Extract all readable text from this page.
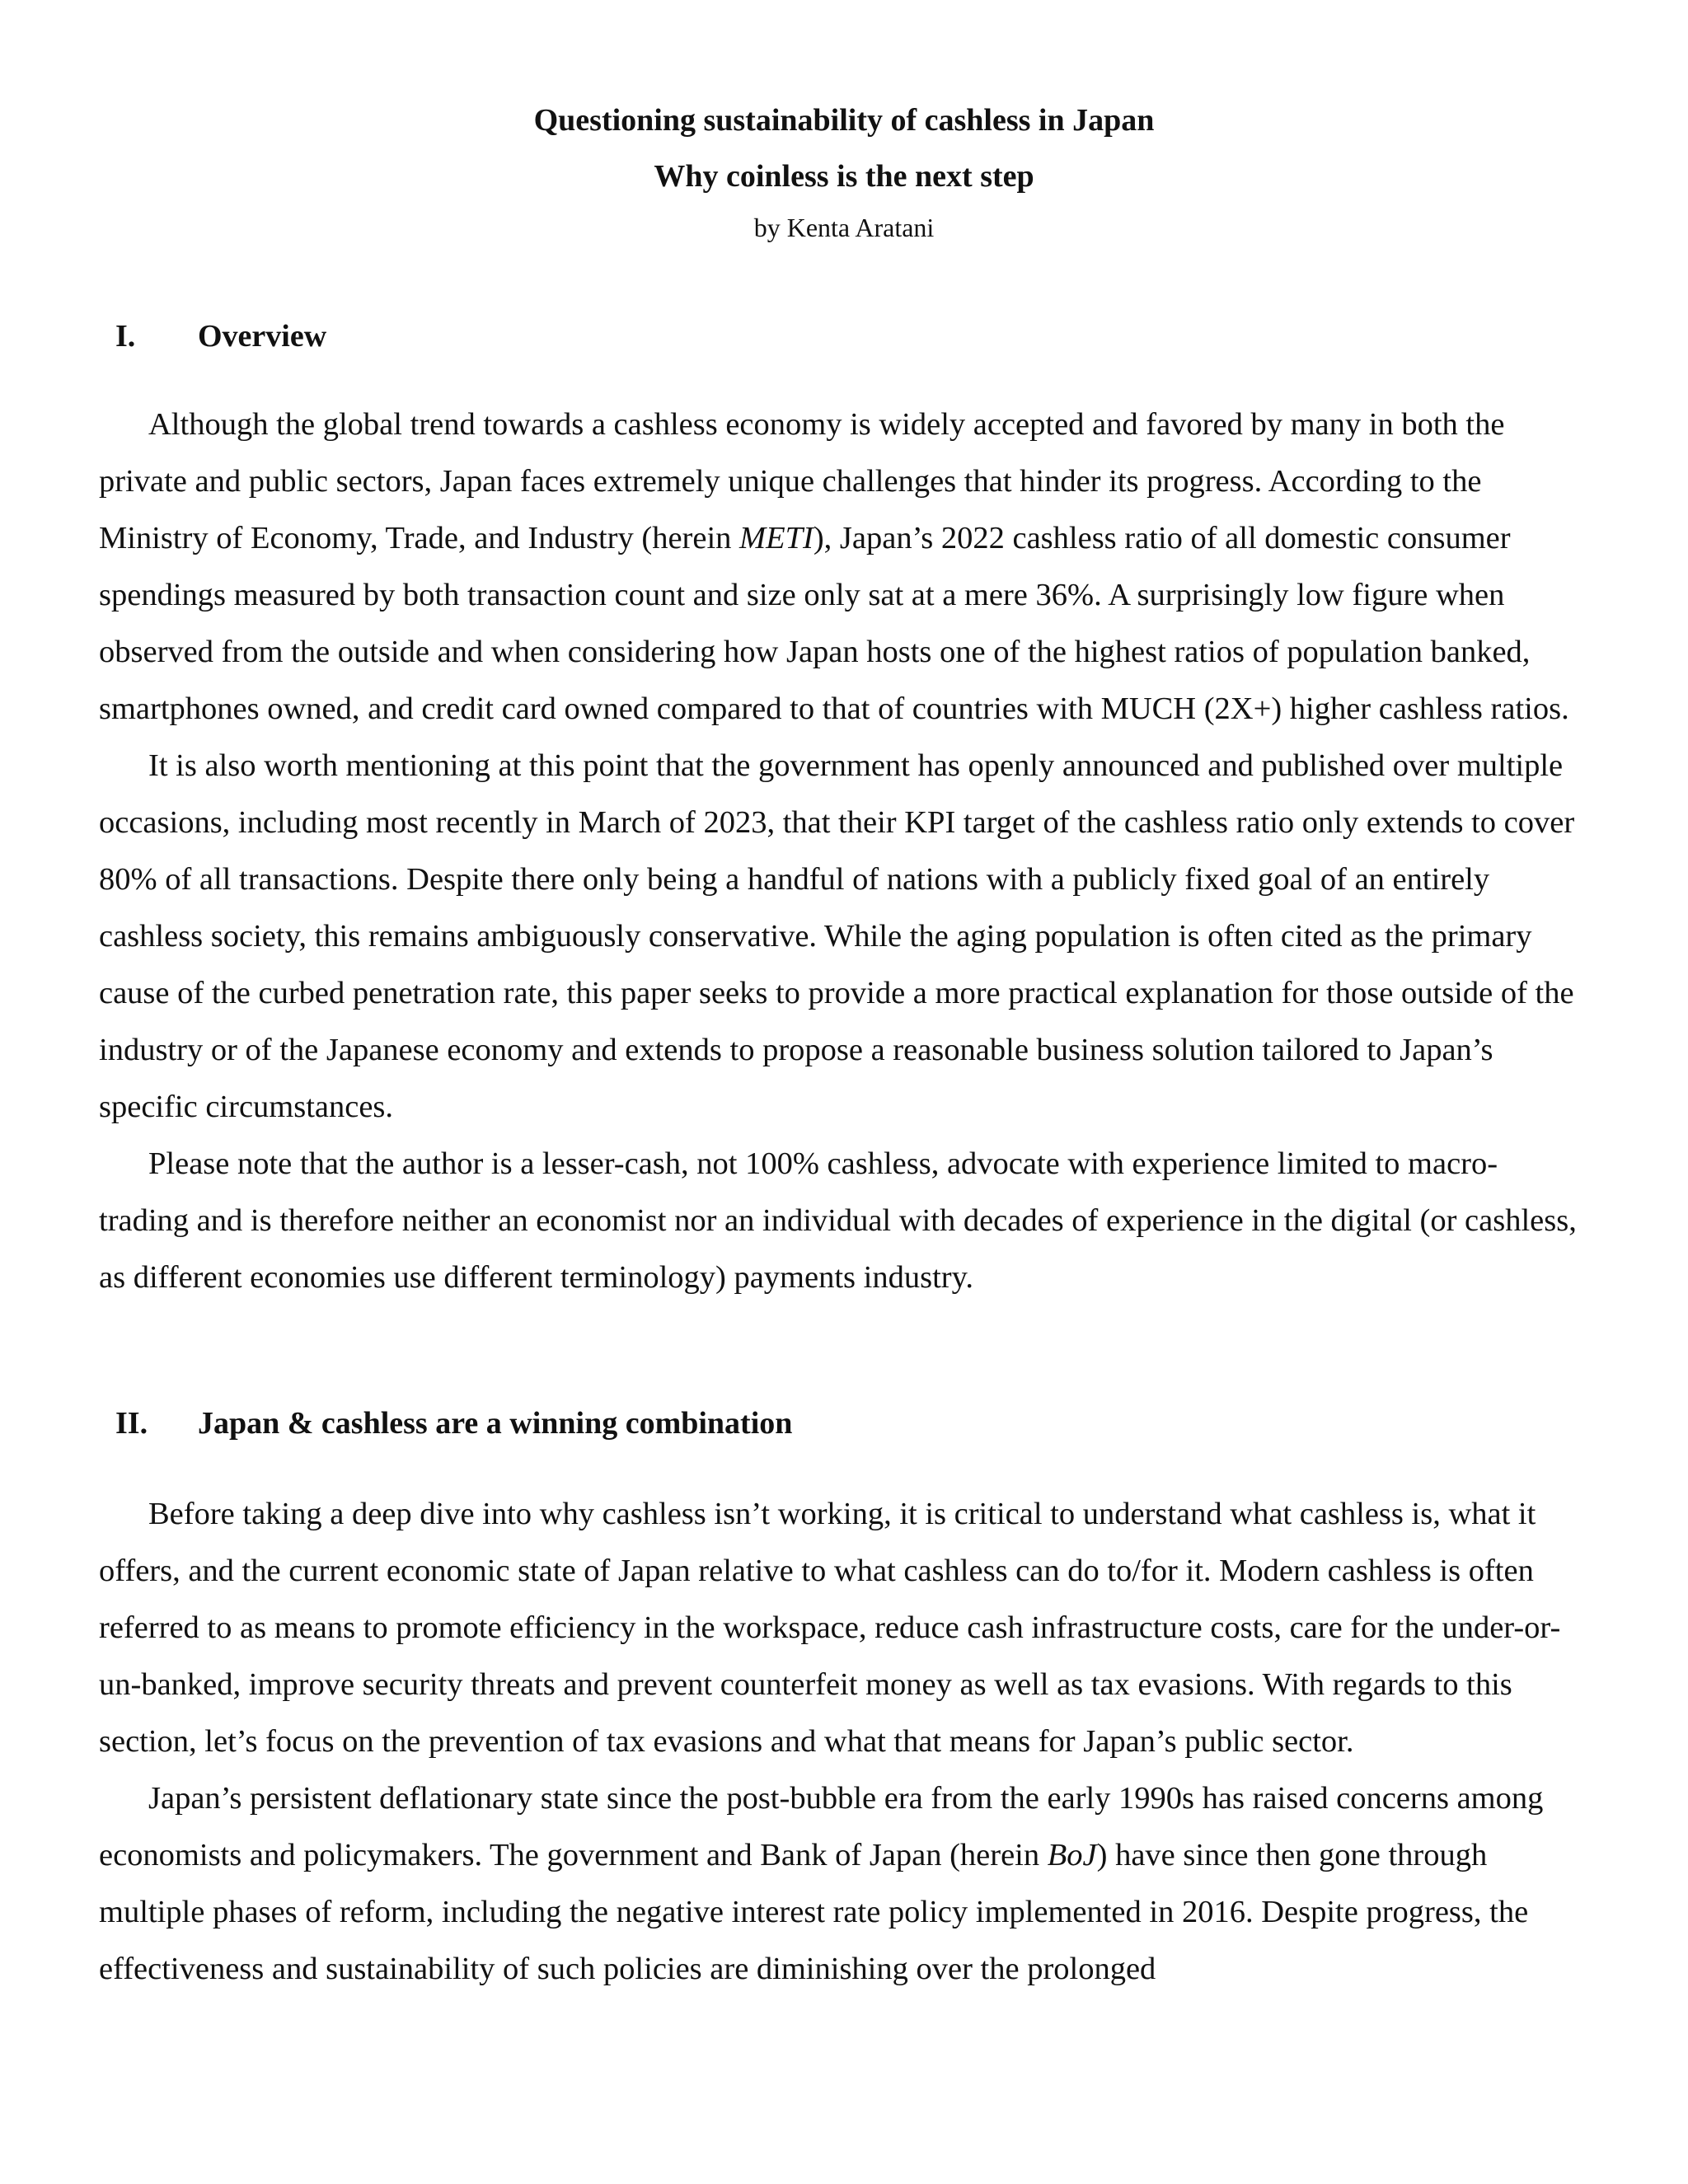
Questioning sustainability of cashless in Japan

Why coinless is the next step

by Kenta Aratani

I. Overview

Although the global trend towards a cashless economy is widely accepted and favored by many in both the private and public sectors, Japan faces extremely unique challenges that hinder its progress. According to the Ministry of Economy, Trade, and Industry (herein METI), Japan’s 2022 cashless ratio of all domestic consumer spendings measured by both transaction count and size only sat at a mere 36%. A surprisingly low figure when observed from the outside and when considering how Japan hosts one of the highest ratios of population banked, smartphones owned, and credit card owned compared to that of countries with MUCH (2X+) higher cashless ratios.

It is also worth mentioning at this point that the government has openly announced and published over multiple occasions, including most recently in March of 2023, that their KPI target of the cashless ratio only extends to cover 80% of all transactions. Despite there only being a handful of nations with a publicly fixed goal of an entirely cashless society, this remains ambiguously conservative. While the aging population is often cited as the primary cause of the curbed penetration rate, this paper seeks to provide a more practical explanation for those outside of the industry or of the Japanese economy and extends to propose a reasonable business solution tailored to Japan’s specific circumstances.

Please note that the author is a lesser-cash, not 100% cashless, advocate with experience limited to macro-trading and is therefore neither an economist nor an individual with decades of experience in the digital (or cashless, as different economies use different terminology) payments industry.

II. Japan & cashless are a winning combination

Before taking a deep dive into why cashless isn’t working, it is critical to understand what cashless is, what it offers, and the current economic state of Japan relative to what cashless can do to/for it. Modern cashless is often referred to as means to promote efficiency in the workspace, reduce cash infrastructure costs, care for the under-or-un-banked, improve security threats and prevent counterfeit money as well as tax evasions. With regards to this section, let’s focus on the prevention of tax evasions and what that means for Japan’s public sector.

Japan’s persistent deflationary state since the post-bubble era from the early 1990s has raised concerns among economists and policymakers. The government and Bank of Japan (herein BoJ) have since then gone through multiple phases of reform, including the negative interest rate policy implemented in 2016. Despite progress, the effectiveness and sustainability of such policies are diminishing over the prolonged
